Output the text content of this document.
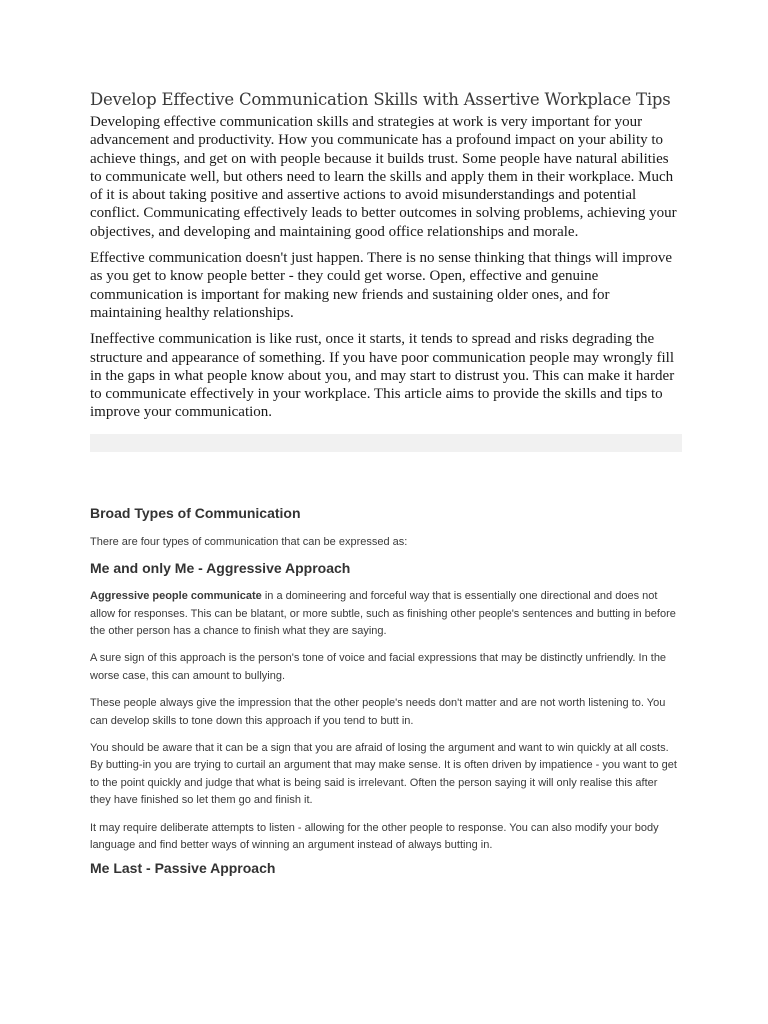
Develop Effective Communication Skills with Assertive Workplace Tips

Developing effective communication skills and strategies at work is very important for your advancement and productivity. How you communicate has a profound impact on your ability to achieve things, and get on with people because it builds trust. Some people have natural abilities to communicate well, but others need to learn the skills and apply them in their workplace. Much of it is about taking positive and assertive actions to avoid misunderstandings and potential conflict. Communicating effectively leads to better outcomes in solving problems, achieving your objectives, and developing and maintaining good office relationships and morale.

Effective communication doesn't just happen. There is no sense thinking that things will improve as you get to know people better - they could get worse. Open, effective and genuine communication is important for making new friends and sustaining older ones, and for maintaining healthy relationships.

Ineffective communication is like rust, once it starts, it tends to spread and risks degrading the structure and appearance of something. If you have poor communication people may wrongly fill in the gaps in what people know about you, and may start to distrust you. This can make it harder to communicate effectively in your workplace. This article aims to provide the skills and tips to improve your communication.

Broad Types of Communication

There are four types of communication that can be expressed as:

Me and only Me - Aggressive Approach

Aggressive people communicate in a domineering and forceful way that is essentially one directional and does not allow for responses. This can be blatant, or more subtle, such as finishing other people's sentences and butting in before the other person has a chance to finish what they are saying.

A sure sign of this approach is the person's tone of voice and facial expressions that may be distinctly unfriendly. In the worse case, this can amount to bullying.

These people always give the impression that the other people's needs don't matter and are not worth listening to. You can develop skills to tone down this approach if you tend to butt in.

You should be aware that it can be a sign that you are afraid of losing the argument and want to win quickly at all costs. By butting-in you are trying to curtail an argument that may make sense. It is often driven by impatience - you want to get to the point quickly and judge that what is being said is irrelevant. Often the person saying it will only realise this after they have finished so let them go and finish it.

It may require deliberate attempts to listen - allowing for the other people to response. You can also modify your body language and find better ways of winning an argument instead of always butting in.

Me Last - Passive Approach
